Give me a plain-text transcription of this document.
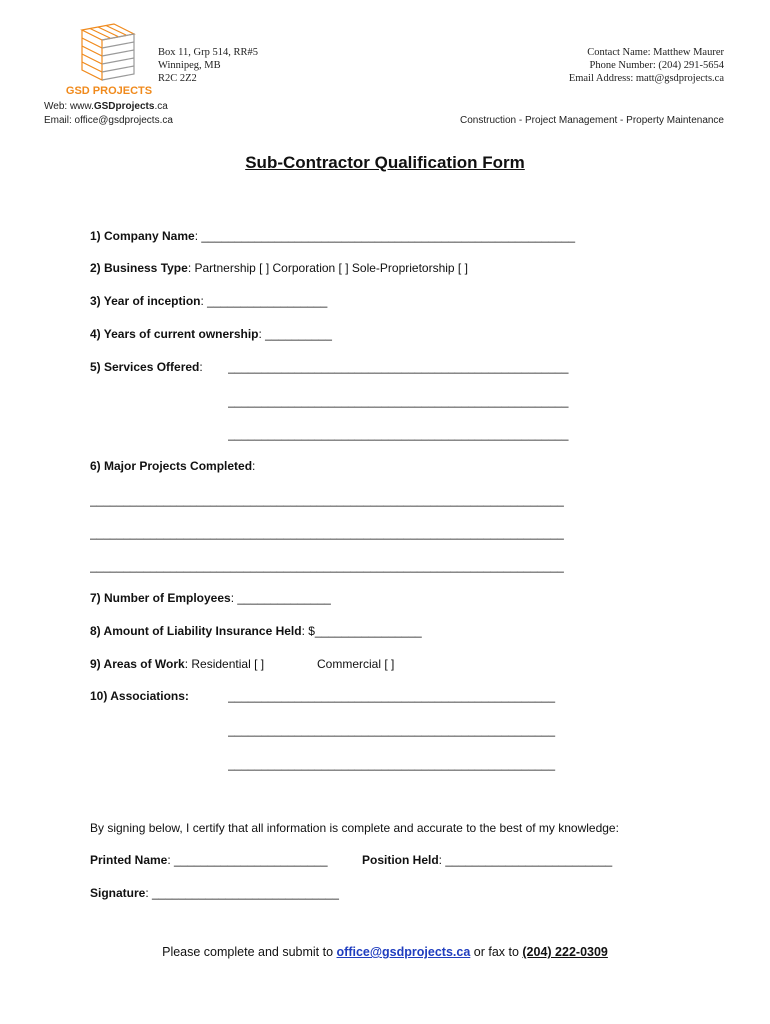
GSD PROJECTS
Box 11, Grp 514, RR#5
Winnipeg, MB
R2C 2Z2
Contact Name: Matthew Maurer
Phone Number: (204) 291-5654
Email Address: matt@gsdprojects.ca
Web: www.GSDprojects.ca
Email: office@gsdprojects.ca	Construction - Project Management - Property Maintenance
Sub-Contractor Qualification Form
1) Company Name: ________________________________________________________
2) Business Type: Partnership [ ] Corporation [ ] Sole-Proprietorship [ ]
3) Year of inception: __________________
4) Years of current ownership: __________
5) Services Offered: ___________________________________________________
___________________________________________________
___________________________________________________
6) Major Projects Completed:
_______________________________________________________________________
_______________________________________________________________________
_______________________________________________________________________
7) Number of Employees: ______________
8) Amount of Liability Insurance Held: $________________
9) Areas of Work: Residential [ ]	Commercial [ ]
10) Associations:	_________________________________________________
_________________________________________________
_________________________________________________
By signing below, I certify that all information is complete and accurate to the best of my knowledge:
Printed Name: _______________________	Position Held: _________________________
Signature: ____________________________
Please complete and submit to office@gsdprojects.ca or fax to (204) 222-0309
